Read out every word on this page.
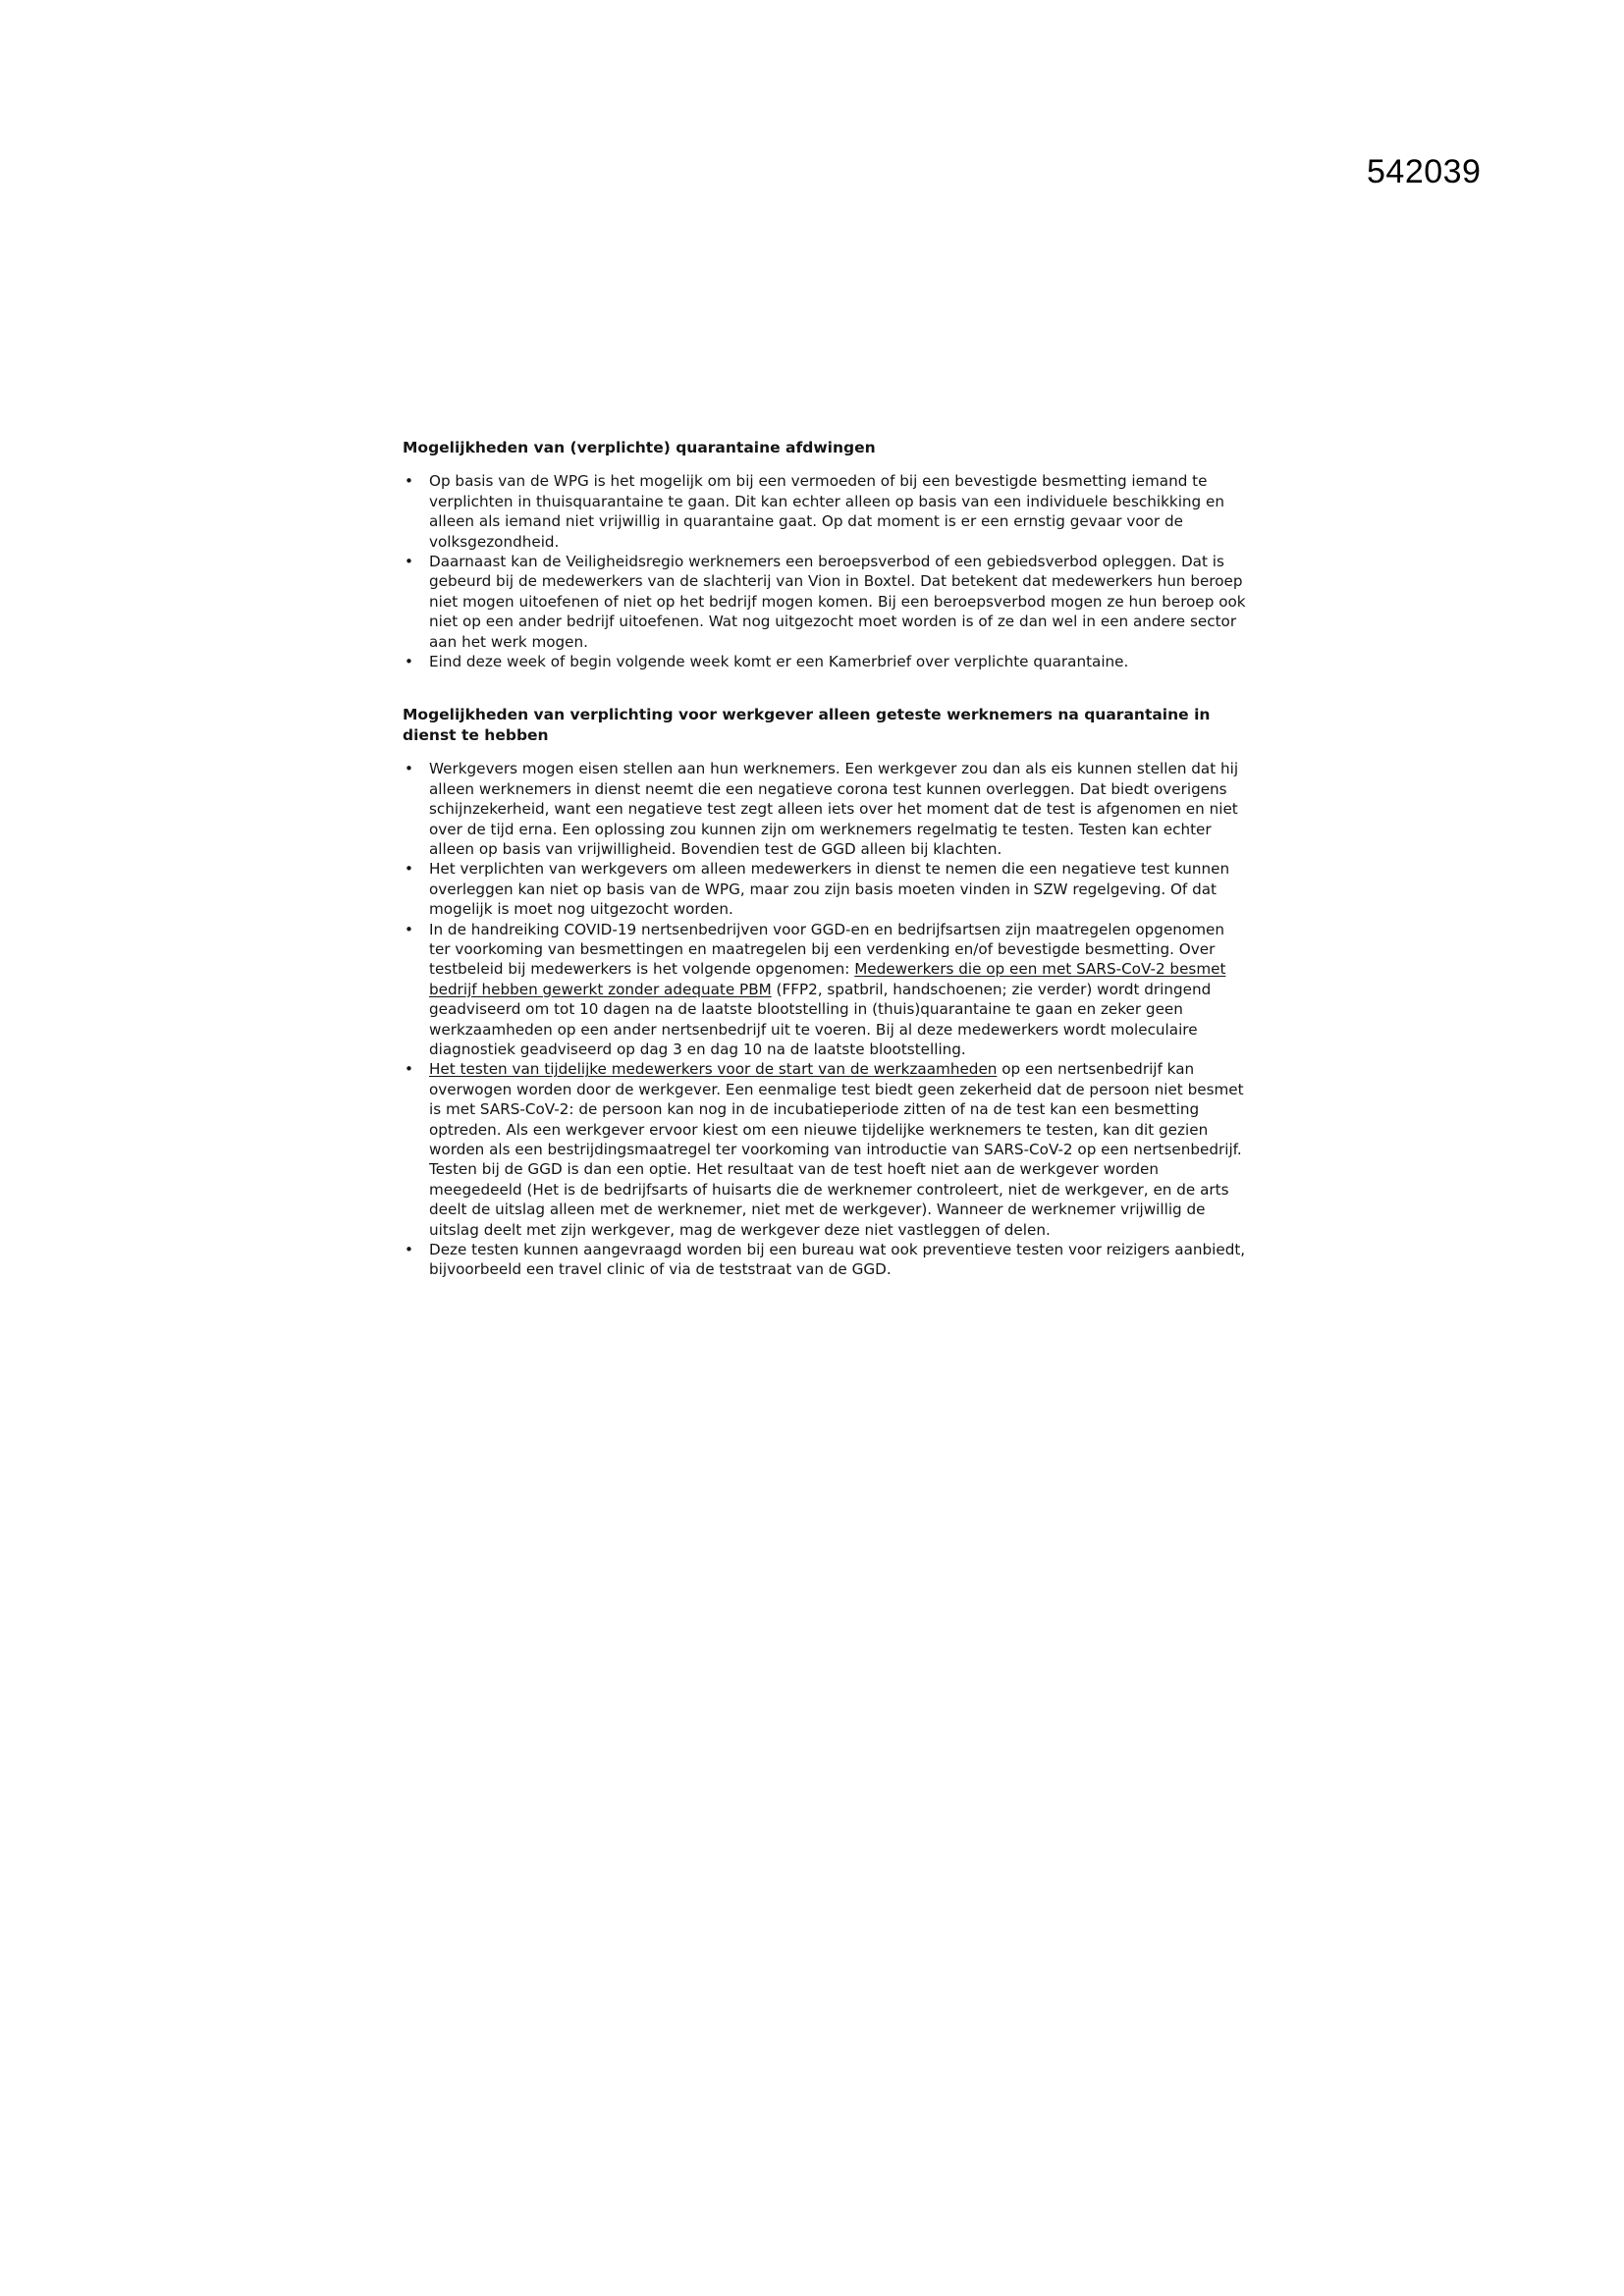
542039
Mogelijkheden van (verplichte) quarantaine afdwingen
• Op basis van de WPG is het mogelijk om bij een vermoeden of bij een bevestigde besmetting iemand te verplichten in thuisquarantaine te gaan. Dit kan echter alleen op basis van een individuele beschikking en alleen als iemand niet vrijwillig in quarantaine gaat. Op dat moment is er een ernstig gevaar voor de volksgezondheid.
• Daarnaast kan de Veiligheidsregio werknemers een beroepsverbod of een gebiedsverbod opleggen. Dat is gebeurd bij de medewerkers van de slachterij van Vion in Boxtel. Dat betekent dat medewerkers hun beroep niet mogen uitoefenen of niet op het bedrijf mogen komen. Bij een beroepsverbod mogen ze hun beroep ook niet op een ander bedrijf uitoefenen. Wat nog uitgezocht moet worden is of ze dan wel in een andere sector aan het werk mogen.
• Eind deze week of begin volgende week komt er een Kamerbrief over verplichte quarantaine.
Mogelijkheden van verplichting voor werkgever alleen geteste werknemers na quarantaine in dienst te hebben
• Werkgevers mogen eisen stellen aan hun werknemers. Een werkgever zou dan als eis kunnen stellen dat hij alleen werknemers in dienst neemt die een negatieve corona test kunnen overleggen. Dat biedt overigens schijnzekerheid, want een negatieve test zegt alleen iets over het moment dat de test is afgenomen en niet over de tijd erna. Een oplossing zou kunnen zijn om werknemers regelmatig te testen. Testen kan echter alleen op basis van vrijwilligheid. Bovendien test de GGD alleen bij klachten.
• Het verplichten van werkgevers om alleen medewerkers in dienst te nemen die een negatieve test kunnen overleggen kan niet op basis van de WPG, maar zou zijn basis moeten vinden in SZW regelgeving. Of dat mogelijk is moet nog uitgezocht worden.
• In de handreiking COVID-19 nertsenbedrijven voor GGD-en en bedrijfsartsen zijn maatregelen opgenomen ter voorkoming van besmettingen en maatregelen bij een verdenking en/of bevestigde besmetting. Over testbeleid bij medewerkers is het volgende opgenomen: Medewerkers die op een met SARS-CoV-2 besmet bedrijf hebben gewerkt zonder adequate PBM (FFP2, spatbril, handschoenen; zie verder) wordt dringend geadviseerd om tot 10 dagen na de laatste blootstelling in (thuis)quarantaine te gaan en zeker geen werkzaamheden op een ander nertsenbedrijf uit te voeren. Bij al deze medewerkers wordt moleculaire diagnostiek geadviseerd op dag 3 en dag 10 na de laatste blootstelling.
• Het testen van tijdelijke medewerkers voor de start van de werkzaamheden op een nertsenbedrijf kan overwogen worden door de werkgever. Een eenmalige test biedt geen zekerheid dat de persoon niet besmet is met SARS-CoV-2: de persoon kan nog in de incubatieperiode zitten of na de test kan een besmetting optreden. Als een werkgever ervoor kiest om een nieuwe tijdelijke werknemers te testen, kan dit gezien worden als een bestrijdingsmaatregel ter voorkoming van introductie van SARS-CoV-2 op een nertsenbedrijf. Testen bij de GGD is dan een optie. Het resultaat van de test hoeft niet aan de werkgever worden meegedeeld (Het is de bedrijfsarts of huisarts die de werknemer controleert, niet de werkgever, en de arts deelt de uitslag alleen met de werknemer, niet met de werkgever). Wanneer de werknemer vrijwillig de uitslag deelt met zijn werkgever, mag de werkgever deze niet vastleggen of delen.
• Deze testen kunnen aangevraagd worden bij een bureau wat ook preventieve testen voor reizigers aanbiedt, bijvoorbeeld een travel clinic of via de teststraat van de GGD.
